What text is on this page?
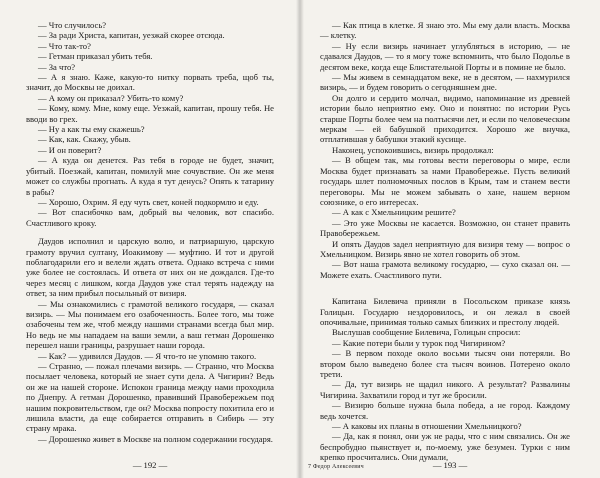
— Что случилось?

— За ради Христа, капитан, уезжай скорее отсюда.

— Что так-то?

— Гетман приказал убить тебя.

— За что?

— А я знаю. Каже, какую-то нитку порвать треба, щоб ты, значит, до Москвы не доихал.

— А кому он приказал? Убить-то кому?

— Кому, кому. Мне, кому еще. Уезжай, капитан, прошу тебя. Не вводи во грех.

— Ну а как ты ему скажешь?

— Как, как. Скажу, убыв.

— И он поверит?

— А куда он денется. Раз тебя в городе не будет, значит, убитый. Поезжай, капитан, помилуй мне сочувствие. Он же меня может со службы прогнать. А куда я тут денусь? Опять к татарину в рабы?

— Хорошо, Охрим. Я еду чуть свет, коней подкормлю и еду.

— Вот спасибочко вам, добрый вы человик, вот спасибо. Счастливого кроку.

Даудов исполнил и царскую волю, и патриаршую, царскую грамоту вручил султану, Иоакимову — муфтию. И тот и другой поблагодарили его и велели ждать ответа. Однако встреча с ними уже более не состоялась. И ответа от них он не дождался. Где-то через месяц с лишком, когда Даудов уже стал терять надежду на ответ, за ним прибыл посыльный от визиря.

— Мы ознакомились с грамотой великого государя, — сказал визирь. — Мы понимаем его озабоченность. Более того, мы тоже озабочены тем же, чтоб между нашими странами всегда был мир. Но ведь не мы нападаем на ваши земли, а ваш гетман Дорошенко перешел наши границы, разрушает наши города.

— Как? — удивился Даудов. — Я что-то не упомню такого.

— Странно, — пожал плечами визирь. — Странно, что Москва посылает человека, который не знает сути дела. А Чигирин? Ведь он же на нашей стороне. Испокон граница между нами проходила по Днепру. А гетман Дорошенко, правивший Правобережьем под нашим покровительством, где он? Москва попросту похитила его и лишила власти, да еще собирается отправить в Сибирь — эту страну мрака.

— Дорошенко живет в Москве на полном содержании государя.

— 192 —

— Как птица в клетке. Я знаю это. Мы ему дали власть. Москва — клетку.

— Ну если визирь начинает углубляться в историю, — не сдавался Даудов, — то я могу тоже вспомнить, что было Подолье в десятом веке, когда еще Блистательной Порты и в помине не было.

— Мы живем в семнадцатом веке, не в десятом, — нахмурился визирь, — и будем говорить о сегодняшнем дне.

Он долго и сердито молчал, видимо, напоминание из древней истории было неприятно ему. Оно и понятно: по истории Русь старше Порты более чем на полтысячи лет, и если по человеческим меркам — ей бабушкой приходится. Хорошо же внучка, отплатившая у бабушки этакий кусище.

Наконец, успокоившись, визирь продолжал:

— В общем так, мы готовы вести переговоры о мире, если Москва будет признавать за нами Правобережье. Пусть великий государь шлет полномочных послов в Крым, там и станем вести переговоры. Мы не можем забывать о хане, нашем верном союзнике, о его интересах.

— А как с Хмельницким решите?

— Это уже Москвы не касается. Возможно, он станет править Правобережьем.

И опять Даудов задел неприятную для визиря тему — вопрос о Хмельницком. Визирь явно не хотел говорить об этом.

— Вот наша грамота великому государю, — сухо сказал он. — Можете ехать. Счастливого пути.

Капитана Билевича приняли в Посольском приказе князь Голицын. Государю нездоровилось, и он лежал в своей опочивальне, принимая только самых близких и престолу людей.

Выслушав сообщение Билевича, Голицын спросил:

— Какие потери были у турок под Чигирином?

— В первом походе около восьми тысяч они потеряли. Во втором было выведено более ста тысяч воинов. Потерено около трети.

— Да, тут визирь не щадил никого. А результат? Развалины Чигирина. Захватили город и тут же бросили.

— Визирю больше нужна была победа, а не город. Каждому ведь хочется.

— А каковы их планы в отношении Хмельницкого?

— Да, как я понял, они уж не рады, что с ним связались. Он же беспробудно пьянствует и, по-моему, уже безумен. Турки с ним крепко просчитались. Они думали,

7 Федор Алексеевич	— 193 —
